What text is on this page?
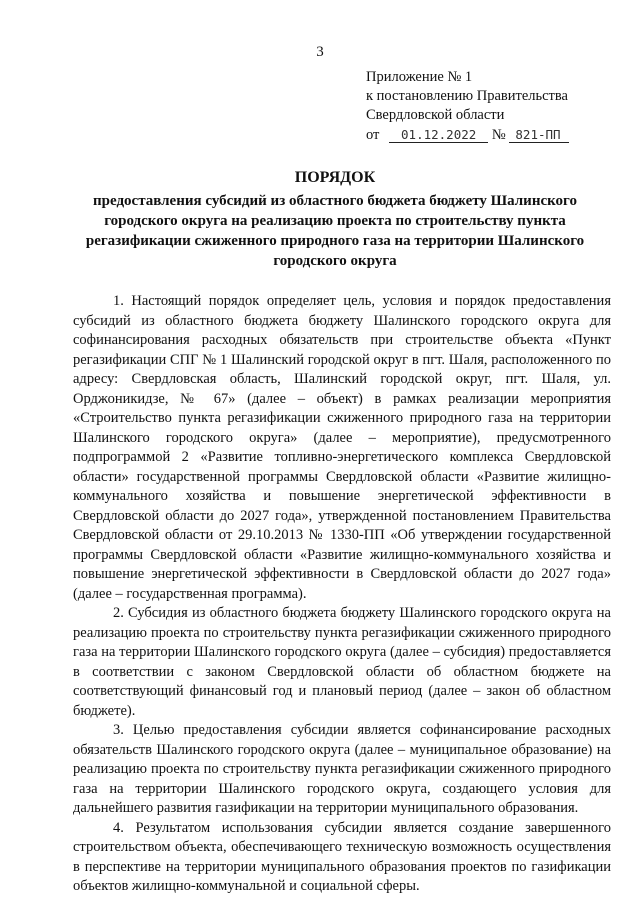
3
Приложение № 1
к постановлению Правительства
Свердловской области
от 01.12.2022 № 821-ПП
ПОРЯДОК
предоставления субсидий из областного бюджета бюджету Шалинского городского округа на реализацию проекта по строительству пункта регазификации сжиженного природного газа на территории Шалинского городского округа

1. Настоящий порядок определяет цель, условия и порядок предоставления субсидий из областного бюджета бюджету Шалинского городского округа для софинансирования расходных обязательств при строительстве объекта «Пункт регазификации СПГ № 1 Шалинский городской округ в пгт. Шаля, расположенного по адресу: Свердловская область, Шалинский городской округ, пгт. Шаля, ул. Орджоникидзе, № 67» (далее – объект) в рамках реализации мероприятия «Строительство пункта регазификации сжиженного природного газа на территории Шалинского городского округа» (далее – мероприятие), предусмотренного подпрограммой 2 «Развитие топливно-энергетического комплекса Свердловской области» государственной программы Свердловской области «Развитие жилищно-коммунального хозяйства и повышение энергетической эффективности в Свердловской области до 2027 года», утвержденной постановлением Правительства Свердловской области от 29.10.2013 № 1330-ПП «Об утверждении государственной программы Свердловской области «Развитие жилищно-коммунального хозяйства и повышение энергетической эффективности в Свердловской области до 2027 года» (далее – государственная программа).

2. Субсидия из областного бюджета бюджету Шалинского городского округа на реализацию проекта по строительству пункта регазификации сжиженного природного газа на территории Шалинского городского округа (далее – субсидия) предоставляется в соответствии с законом Свердловской области об областном бюджете на соответствующий финансовый год и плановый период (далее – закон об областном бюджете).

3. Целью предоставления субсидии является софинансирование расходных обязательств Шалинского городского округа (далее – муниципальное образование) на реализацию проекта по строительству пункта регазификации сжиженного природного газа на территории Шалинского городского округа, создающего условия для дальнейшего развития газификации на территории муниципального образования.

4. Результатом использования субсидии является создание завершенного строительством объекта, обеспечивающего техническую возможность осуществления в перспективе на территории муниципального образования проектов по газификации объектов жилищно-коммунальной и социальной сферы.
